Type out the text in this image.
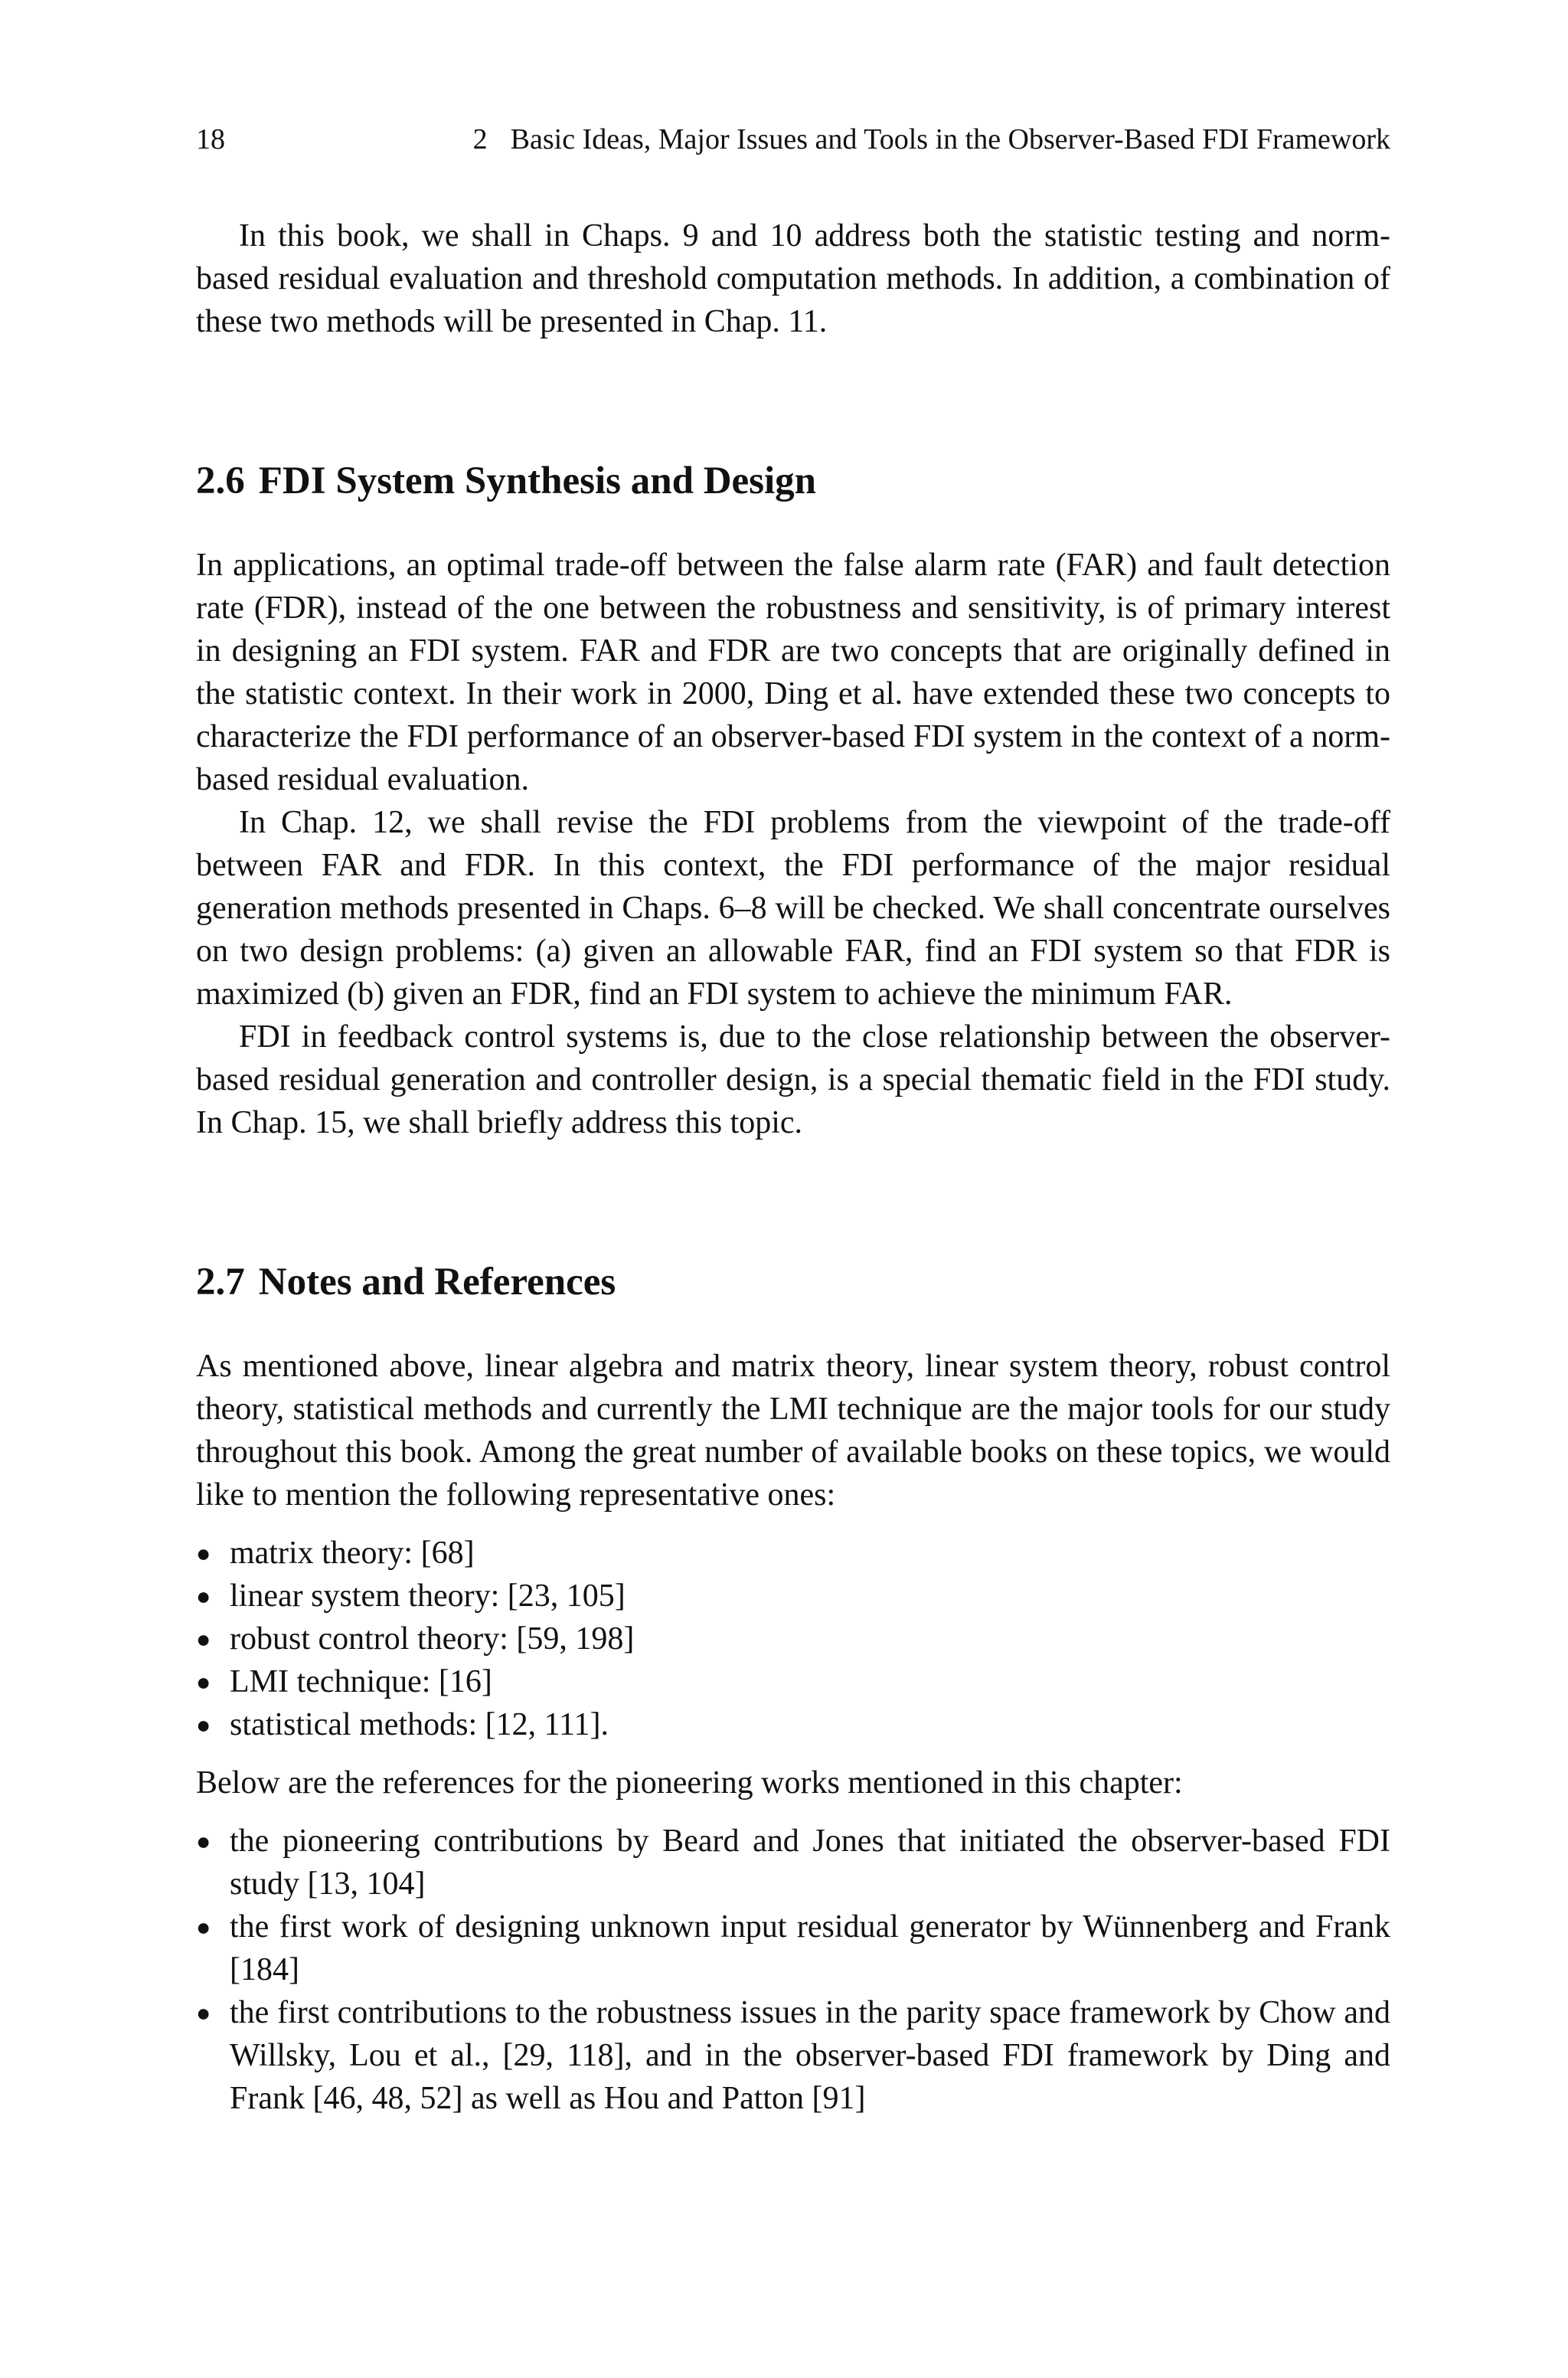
18	2 Basic Ideas, Major Issues and Tools in the Observer-Based FDI Framework

In this book, we shall in Chaps. 9 and 10 address both the statistic testing and norm-based residual evaluation and threshold computation methods. In addition, a combination of these two methods will be presented in Chap. 11.

2.6 FDI System Synthesis and Design

In applications, an optimal trade-off between the false alarm rate (FAR) and fault detection rate (FDR), instead of the one between the robustness and sensitivity, is of primary interest in designing an FDI system. FAR and FDR are two concepts that are originally defined in the statistic context. In their work in 2000, Ding et al. have extended these two concepts to characterize the FDI performance of an observer-based FDI system in the context of a norm-based residual evaluation.

In Chap. 12, we shall revise the FDI problems from the viewpoint of the trade-off between FAR and FDR. In this context, the FDI performance of the major residual generation methods presented in Chaps. 6–8 will be checked. We shall concentrate ourselves on two design problems: (a) given an allowable FAR, find an FDI system so that FDR is maximized (b) given an FDR, find an FDI system to achieve the minimum FAR.

FDI in feedback control systems is, due to the close relationship between the observer-based residual generation and controller design, is a special thematic field in the FDI study. In Chap. 15, we shall briefly address this topic.

2.7 Notes and References

As mentioned above, linear algebra and matrix theory, linear system theory, robust control theory, statistical methods and currently the LMI technique are the major tools for our study throughout this book. Among the great number of available books on these topics, we would like to mention the following representative ones:

● matrix theory: [68]
● linear system theory: [23, 105]
● robust control theory: [59, 198]
● LMI technique: [16]
● statistical methods: [12, 111].

Below are the references for the pioneering works mentioned in this chapter:

● the pioneering contributions by Beard and Jones that initiated the observer-based FDI study [13, 104]
● the first work of designing unknown input residual generator by Wünnenberg and Frank [184]
● the first contributions to the robustness issues in the parity space framework by Chow and Willsky, Lou et al., [29, 118], and in the observer-based FDI framework by Ding and Frank [46, 48, 52] as well as Hou and Patton [91]
